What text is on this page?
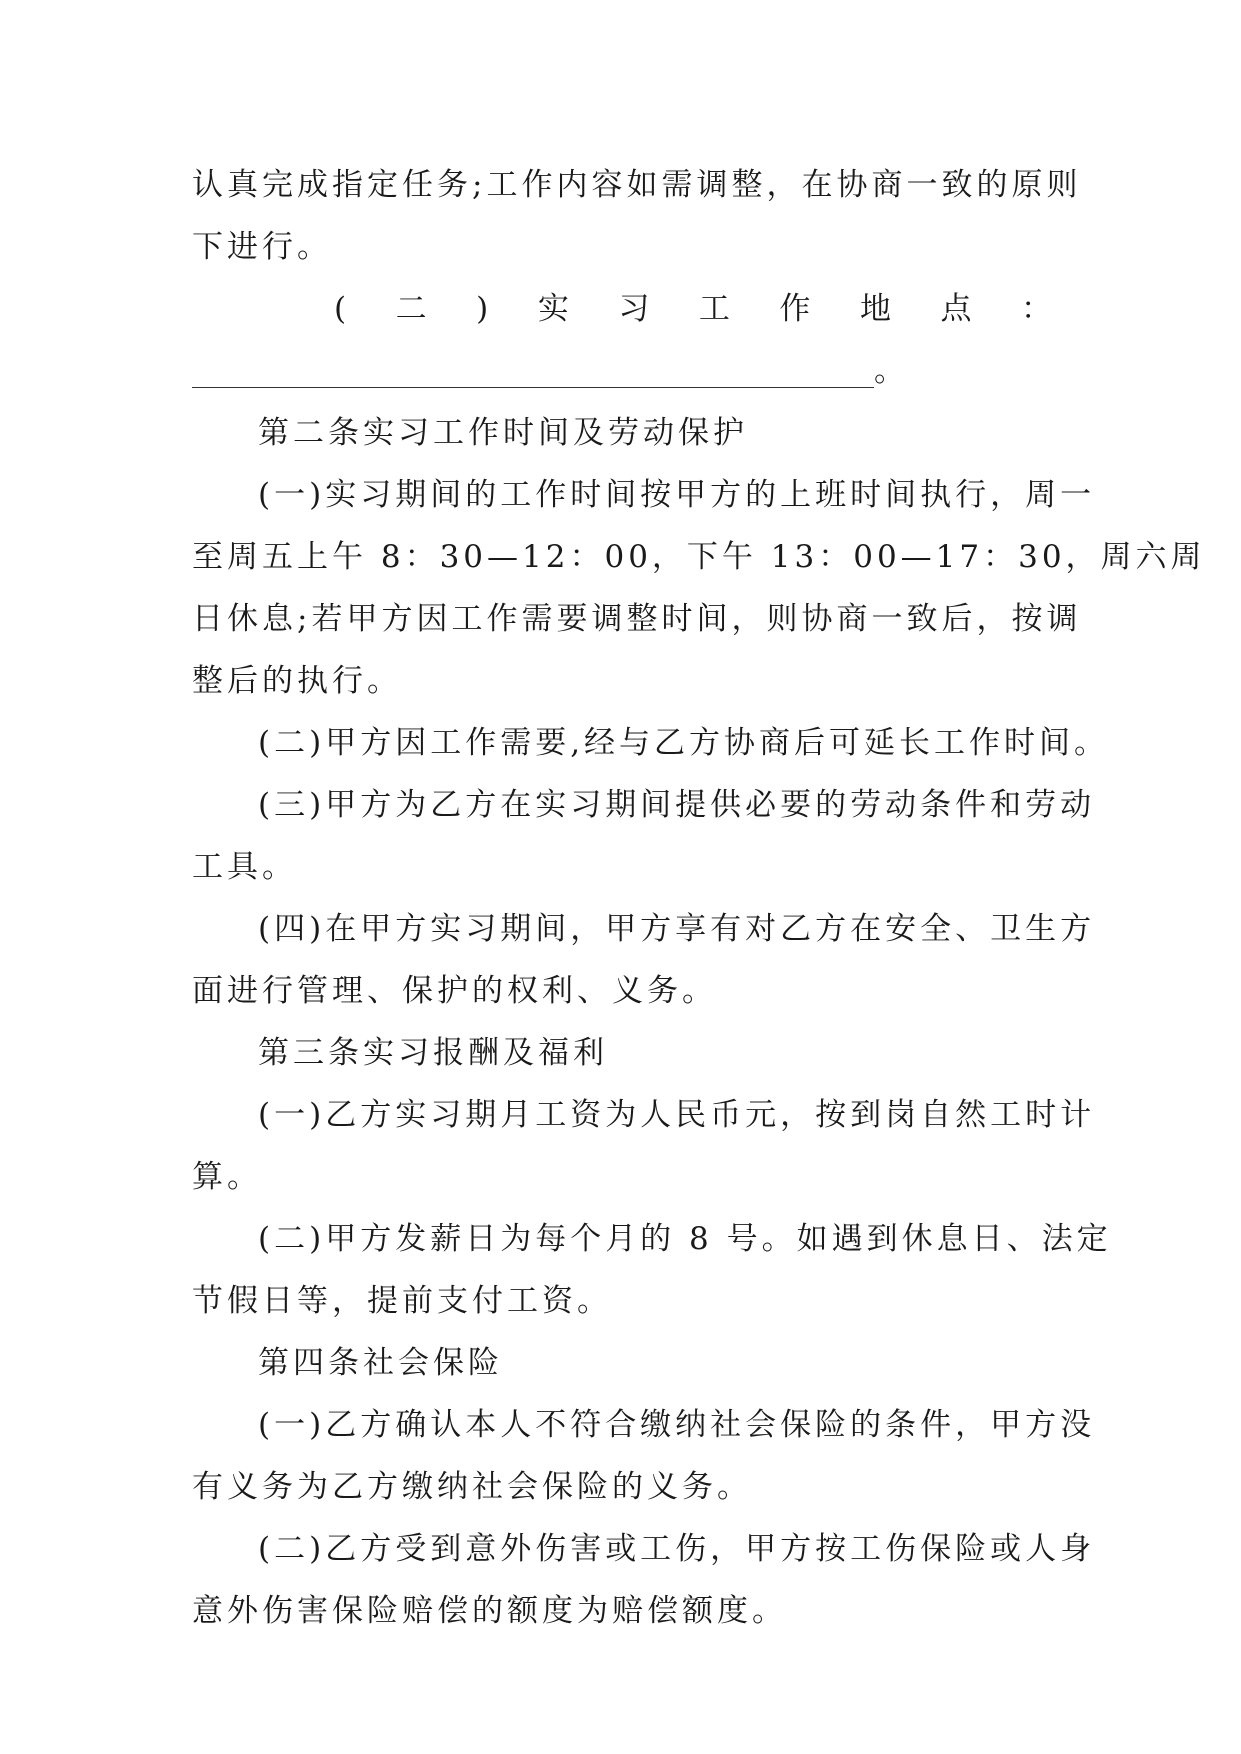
认真完成指定任务;工作内容如需调整，在协商一致的原则
下进行。
( 二 ) 实 习 工 作 地 点 ：
。
第二条实习工作时间及劳动保护
(一)实习期间的工作时间按甲方的上班时间执行，周一
至周五上午 8：30—12：00，下午 13：00—17：30，周六周
日休息;若甲方因工作需要调整时间，则协商一致后，按调
整后的执行。
(二)甲方因工作需要,经与乙方协商后可延长工作时间。
(三)甲方为乙方在实习期间提供必要的劳动条件和劳动
工具。
(四)在甲方实习期间，甲方享有对乙方在安全、卫生方
面进行管理、保护的权利、义务。
第三条实习报酬及福利
(一)乙方实习期月工资为人民币元，按到岗自然工时计
算。
(二)甲方发薪日为每个月的 8 号。如遇到休息日、法定
节假日等，提前支付工资。
第四条社会保险
(一)乙方确认本人不符合缴纳社会保险的条件，甲方没
有义务为乙方缴纳社会保险的义务。
(二)乙方受到意外伤害或工伤，甲方按工伤保险或人身
意外伤害保险赔偿的额度为赔偿额度。
